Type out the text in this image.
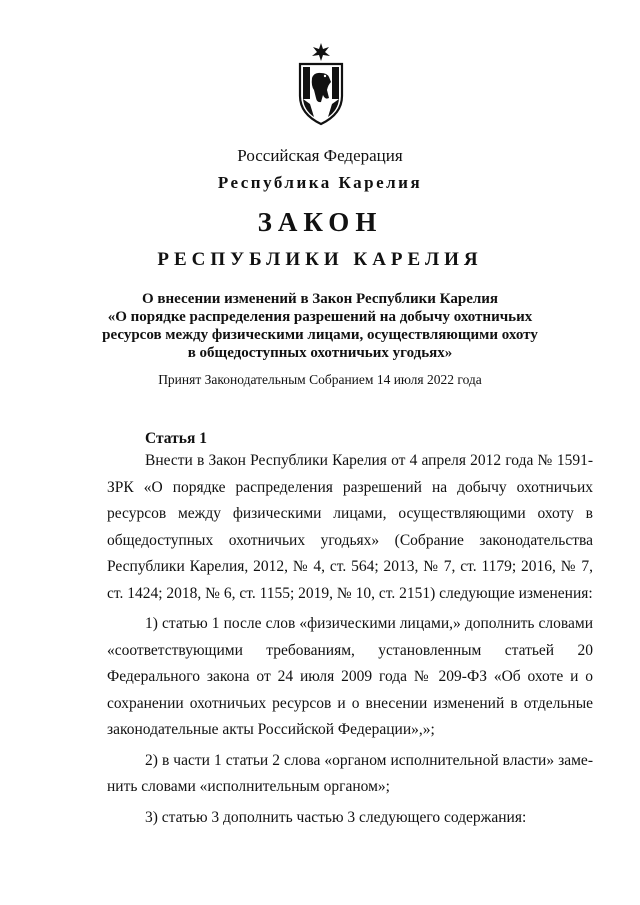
Российская Федерация
Республика Карелия
ЗАКОН
РЕСПУБЛИКИ КАРЕЛИЯ
О внесении изменений в Закон Республики Карелия
«О порядке распределения разрешений на добычу охотничьих
ресурсов между физическими лицами, осуществляющими охоту
в общедоступных охотничьих угодьях»
Принят Законодательным Собранием 14 июля 2022 года
Статья 1

Внести в Закон Республики Карелия от 4 апреля 2012 года № 1591-ЗРК «О порядке распределения разрешений на добычу охотничьих ресурсов между физическими лицами, осуществляющими охоту в общедоступных охотничьих угодьях» (Собрание законодательства Республики Карелия, 2012, № 4, ст. 564; 2013, № 7, ст. 1179; 2016, № 7, ст. 1424; 2018, № 6, ст. 1155; 2019, № 10, ст. 2151) следующие изменения:

1) статью 1 после слов «физическими лицами,» дополнить словами «соответствующими требованиям, установленным статьей 20 Федерального закона от 24 июля 2009 года № 209-ФЗ «Об охоте и о сохранении охотничьих ресурсов и о внесении изменений в отдельные законодательные акты Российской Федерации»,»;

2) в части 1 статьи 2 слова «органом исполнительной власти» заменить словами «исполнительным органом»;

3) статью 3 дополнить частью 3 следующего содержания:
